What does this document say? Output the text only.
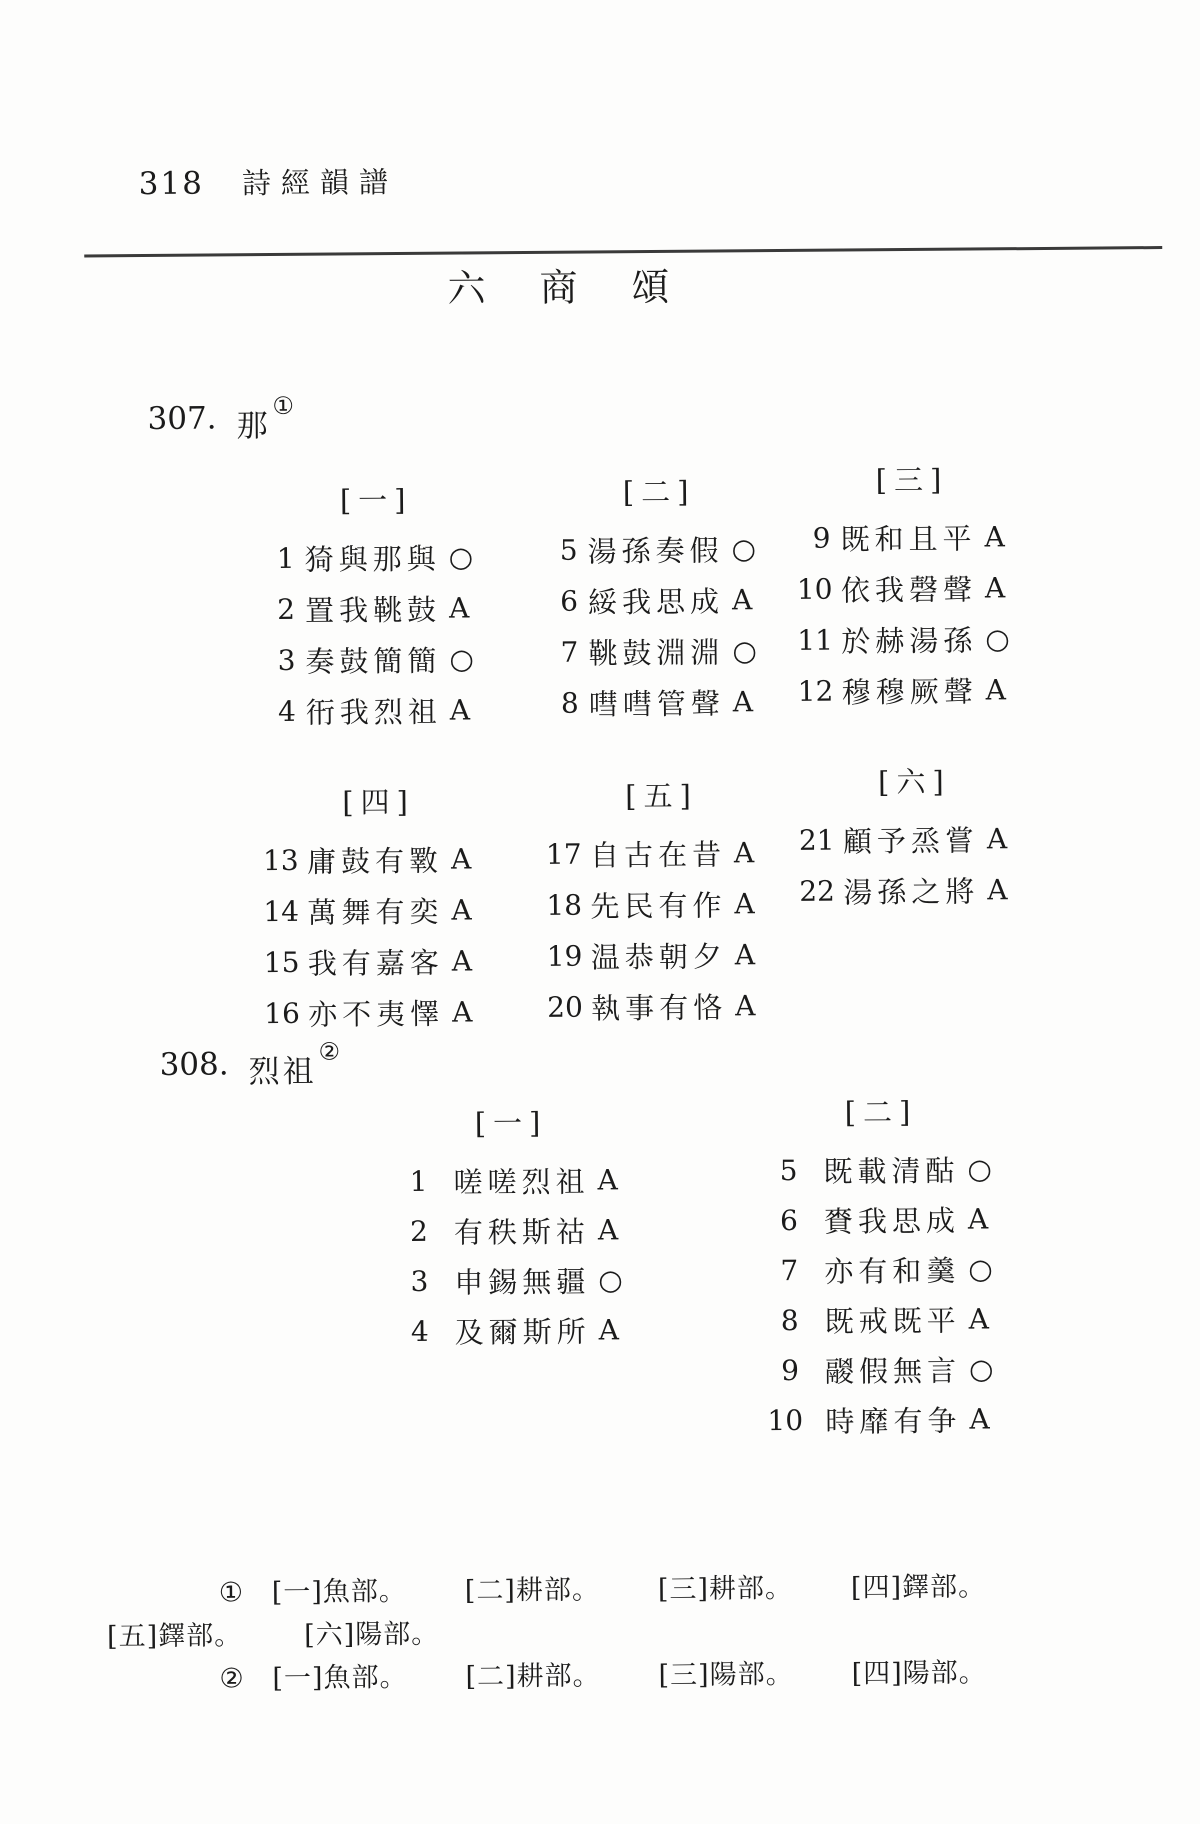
318 詩經韻譜
六 商 頌
307. 那
①
[一]
1 猗與那與 ○
2 置我鞉鼓 A
3 奏鼓簡簡 ○
4 衎我烈祖 A
[二]
5 湯孫奏假 ○
6 綏我思成 A
7 鞉鼓淵淵 ○
8 嘒嘒管聲 A
[三]
9 既和且平 A
10 依我磬聲 A
11 於赫湯孫 ○
12 穆穆厥聲 A
[四]
13 庸鼓有斁 A
14 萬舞有奕 A
15 我有嘉客 A
16 亦不夷懌 A
[五]
17 自古在昔 A
18 先民有作 A
19 温恭朝夕 A
20 執事有恪 A
[六]
21 顧予烝嘗 A
22 湯孫之將 A
308. 烈祖
②
[一]
1 嗟嗟烈祖 A
2 有秩斯祜 A
3 申錫無疆 ○
4 及爾斯所 A
[二]
5 既載清酤 ○
6 賚我思成 A
7 亦有和羹 ○
8 既戒既平 A
9 鬷假無言 ○
10 時靡有争 A
① [一]魚部。 [二]耕部。 [三]耕部。 [四]鐸部。
[五]鐸部。 [六]陽部。
② [一]魚部。 [二]耕部。 [三]陽部。 [四]陽部。
